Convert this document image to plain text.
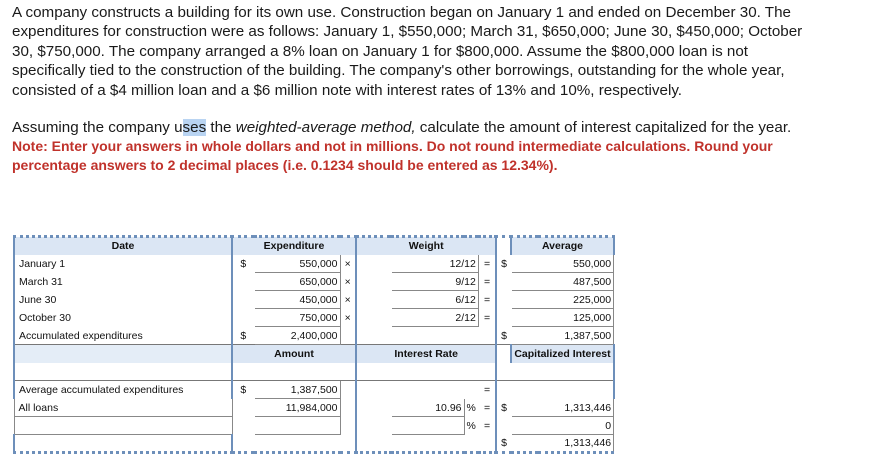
A company constructs a building for its own use. Construction began on January 1 and ended on December 30. The expenditures for construction were as follows: January 1, $550,000; March 31, $650,000; June 30, $450,000; October 30, $750,000. The company arranged a 8% loan on January 1 for $800,000. Assume the $800,000 loan is not specifically tied to the construction of the building. The company's other borrowings, outstanding for the whole year, consisted of a $4 million loan and a $6 million note with interest rates of 13% and 10%, respectively.

Assuming the company uses the weighted-average method, calculate the amount of interest capitalized for the year.

Note: Enter your answers in whole dollars and not in millions. Do not round intermediate calculations. Round your percentage answers to 2 decimal places (i.e. 0.1234 should be entered as 12.34%).

Date	Expenditure			Weight					Average	
January 1	$	550,000	×		12/12		=	$	550,000	
March 31		650,000	×		9/12		=		487,500	
June 30		450,000	×		6/12		=		225,000	
October 30		750,000	×		2/12		=		125,000	
Accumulated expenditures	$	2,400,000						$	1,387,500	
	Amount			Interest Rate					Capitalized Interest	

Average accumulated expenditures	$	1,387,500					=			
All loans		11,984,000			10.96	%	=	$	1,313,446	
						%	=		0	
								$	1,313,446	
